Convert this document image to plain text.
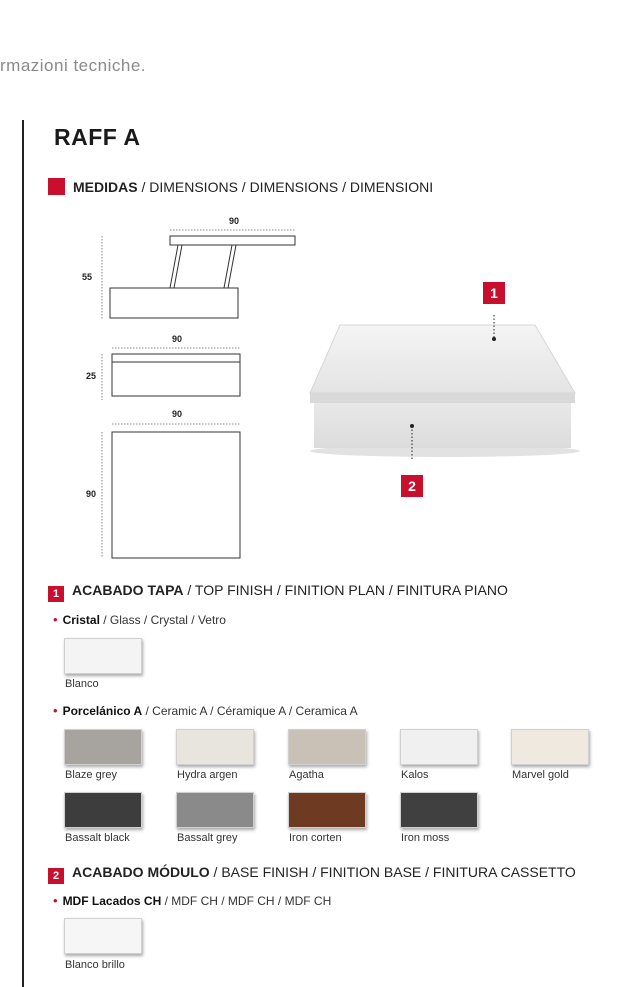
rmazioni tecniche.
RAFF A
MEDIDAS / DIMENSIONS / DIMENSIONS / DIMENSIONI
90
55
90
25
90
90
1
2
1 ACABADO TAPA / TOP FINISH / FINITION PLAN / FINITURA PIANO
• Cristal / Glass / Crystal / Vetro
Blanco
• Porcelánico A / Ceramic A / Céramique A / Ceramica A
Blaze grey	Hydra argen	Agatha	Kalos	Marvel gold
Bassalt black	Bassalt grey	Iron corten	Iron moss
2 ACABADO MÓDULO / BASE FINISH / FINITION BASE / FINITURA CASSETTO
• MDF Lacados CH / MDF CH / MDF CH / MDF CH
Blanco brillo
